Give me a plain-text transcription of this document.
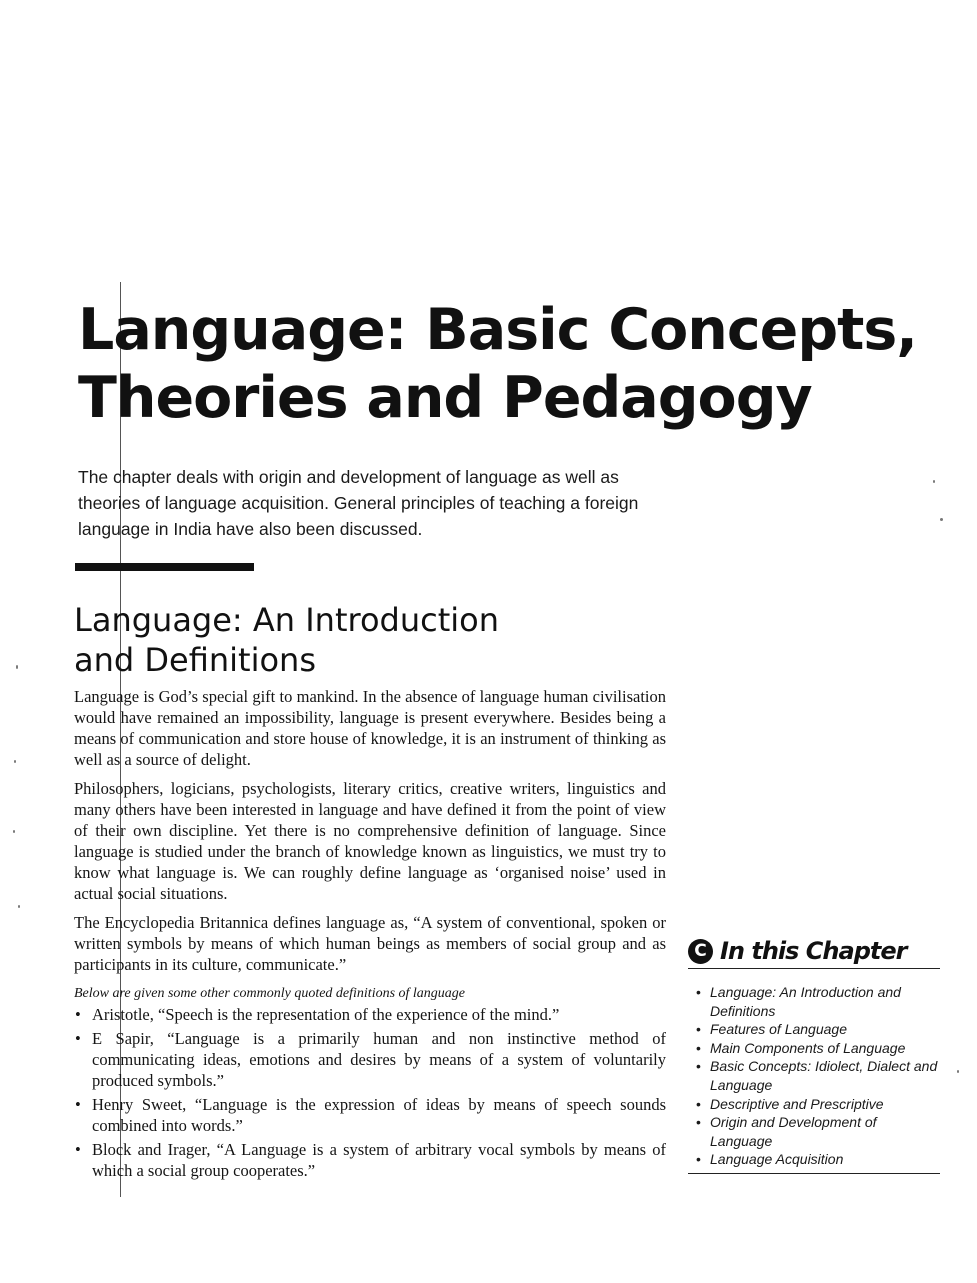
Language: Basic Concepts,
Theories and Pedagogy

The chapter deals with origin and development of language as well as theories of language acquisition. General principles of teaching a foreign language in India have also been discussed.

Language: An Introduction
and Definitions

Language is God’s special gift to mankind. In the absence of language human civilisation would have remained an impossibility, language is present everywhere. Besides being a means of communication and store house of knowledge, it is an instrument of thinking as well as a source of delight.

Philosophers, logicians, psychologists, literary critics, creative writers, linguistics and many others have been interested in language and have defined it from the point of view of their own discipline. Yet there is no comprehensive definition of language. Since language is studied under the branch of knowledge known as linguistics, we must try to know what language is. We can roughly define language as ‘organised noise’ used in actual social situations.

The Encyclopedia Britannica defines language as, “A system of conventional, spoken or written symbols by means of which human beings as members of social group and as participants in its culture, communicate.”

Below are given some other commonly quoted definitions of language
• Aristotle, “Speech is the representation of the experience of the mind.”
• E Sapir, “Language is a primarily human and non instinctive method of communicating ideas, emotions and desires by means of a system of voluntarily produced symbols.”
• Henry Sweet, “Language is the expression of ideas by means of speech sounds combined into words.”
• Block and Irager, “A Language is a system of arbitrary vocal symbols by means of which a social group cooperates.”
C In this Chapter
• Language: An Introduction and Definitions
• Features of Language
• Main Components of Language
• Basic Concepts: Idiolect, Dialect and Language
• Descriptive and Prescriptive
• Origin and Development of Language
• Language Acquisition
